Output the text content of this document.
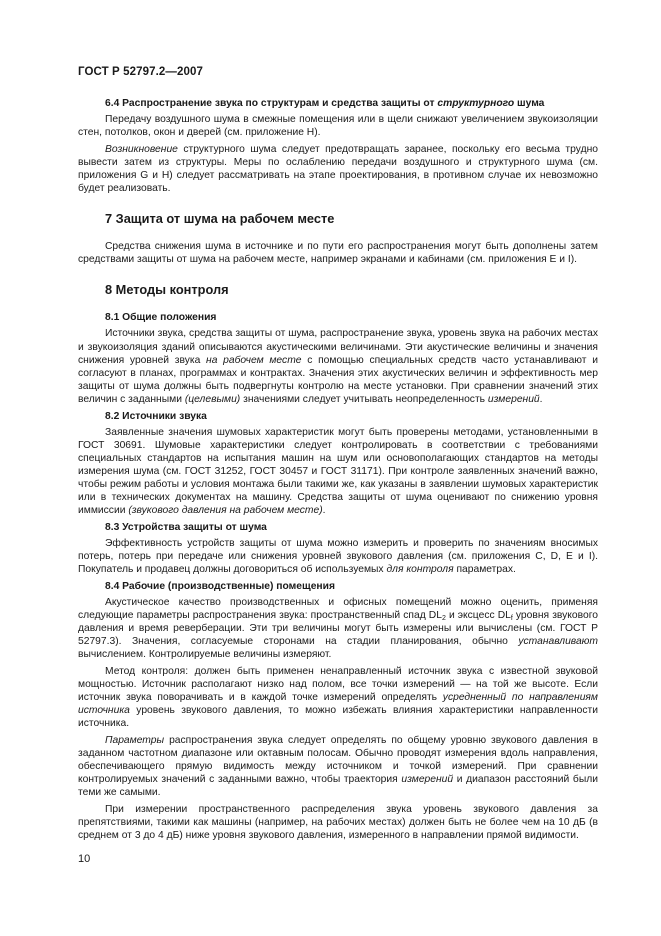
ГОСТ Р 52797.2—2007
6.4 Распространение звука по структурам и средства защиты от структурного шума

Передачу воздушного шума в смежные помещения или в щели снижают увеличением звукоизоляции стен, потолков, окон и дверей (см. приложение Н).

Возникновение структурного шума следует предотвращать заранее, поскольку его весьма трудно вывести затем из структуры. Меры по ослаблению передачи воздушного и структурного шума (см. приложения G и Н) следует рассматривать на этапе проектирования, в противном случае их невозможно будет реализовать.

7 Защита от шума на рабочем месте

Средства снижения шума в источнике и по пути его распространения могут быть дополнены затем средствами защиты от шума на рабочем месте, например экранами и кабинами (см. приложения Е и I).

8 Методы контроля
8.1 Общие положения

Источники звука, средства защиты от шума, распространение звука, уровень звука на рабочих местах и звукоизоляция зданий описываются акустическими величинами. Эти акустические величины и значения снижения уровней звука на рабочем месте с помощью специальных средств часто устанавливают и согласуют в планах, программах и контрактах. Значения этих акустических величин и эффективность мер защиты от шума должны быть подвергнуты контролю на месте установки. При сравнении значений этих величин с заданными (целевыми) значениями следует учитывать неопределенность измерений.

8.2 Источники звука

Заявленные значения шумовых характеристик могут быть проверены методами, установленными в ГОСТ 30691. Шумовые характеристики следует контролировать в соответствии с требованиями специальных стандартов на испытания машин на шум или основополагающих стандартов на методы измерения шума (см. ГОСТ 31252, ГОСТ 30457 и ГОСТ 31171). При контроле заявленных значений важно, чтобы режим работы и условия монтажа были такими же, как указаны в заявлении шумовых характеристик или в технических документах на машину. Средства защиты от шума оценивают по снижению уровня иммиссии (звукового давления на рабочем месте).

8.3 Устройства защиты от шума

Эффективность устройств защиты от шума можно измерить и проверить по значениям вносимых потерь, потерь при передаче или снижения уровней звукового давления (см. приложения С, D, Е и I). Покупатель и продавец должны договориться об используемых для контроля параметрах.

8.4 Рабочие (производственные) помещения

Акустическое качество производственных и офисных помещений можно оценить, применяя следующие параметры распространения звука: пространственный спад $DL_2$ и эксцесс $DL_f$ уровня звукового давления и время реверберации. Эти три величины могут быть измерены или вычислены (см. ГОСТ Р 52797.3). Значения, согласуемые сторонами на стадии планирования, обычно устанавливают вычислением. Контролируемые величины измеряют.

Метод контроля: должен быть применен ненаправленный источник звука с известной звуковой мощностью. Источник располагают низко над полом, все точки измерений — на той же высоте. Если источник звука поворачивать и в каждой точке измерений определять усредненный по направлениям источника уровень звукового давления, то можно избежать влияния характеристики направленности источника.

Параметры распространения звука следует определять по общему уровню звукового давления в заданном частотном диапазоне или октавным полосам. Обычно проводят измерения вдоль направления, обеспечивающего прямую видимость между источником и точкой измерений. При сравнении контролируемых значений с заданными важно, чтобы траектория измерений и диапазон расстояний были теми же самыми.

При измерении пространственного распределения звука уровень звукового давления за препятствиями, такими как машины (например, на рабочих местах) должен быть не более чем на 10 дБ (в среднем от 3 до 4 дБ) ниже уровня звукового давления, измеренного в направлении прямой видимости.

10
